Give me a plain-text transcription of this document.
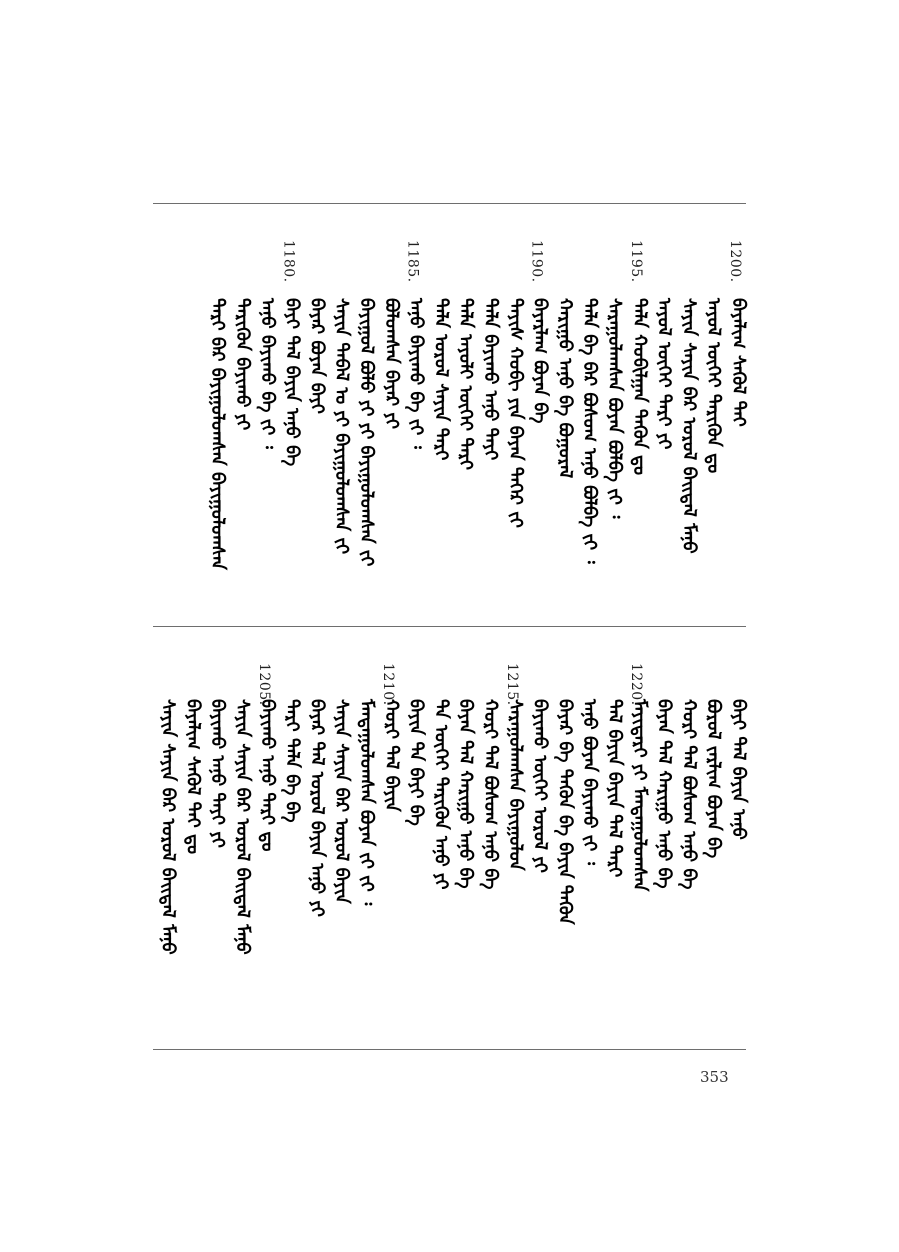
1200.
ᠪᠠᠶᠠᠯᠢᠭ ᠰᠡᠭᠦᠯ ᠲᠡᠢ
ᠠᠶᠤᠯ ᠦᠭᠡᠢ ᠲᠡᠷᠢᠭᠦᠨ ᠳᠤ
ᠰᠠᠶᠢᠨ ᠰᠠᠶᠢᠨ ᠪᠡᠷ ᠤᠷᠤᠯ ᠪᠠᠢᠳᠠᠯ ᠮᠠᠨᠤ
ᠠᠶᠤᠯ ᠦᠭᠡᠢ ᠲᠡᠷᠢ ᠶᠢ
1195.
ᠲᠠᠯᠠ ᠬᠤᠪᠢᠯᠭᠠᠨ ᠲᠡᠭᠦᠨ ᠳᠤ
ᠰᠠᠷᠠᠭᠤᠯᠠᠭᠰᠠᠨ ᠪᠤᠶᠠᠨ ᠪᠣᠯᠪᠠ ᠵᠢ ᠄
ᠲᠠᠯᠠ ᠪᠠ ᠪᠠᠷ ᠪᠤᠰᠤᠭ ᠠᠨᠤ ᠪᠣᠯᠪᠠ ᠵᠢ ᠄
ᠬᠠᠷᠢᠭᠤ ᠠᠨᠤ ᠪᠠ ᠪᠤᠭᠤᠷᠠᠯ
1190.
ᠪᠠᠶᠠᠷᠯᠠᠭ ᠪᠤᠶᠠᠨ ᠪᠠ
ᠲᠠᠶᠢᠰ ᠬᠤᠪᠢ ᠶᠢᠨ ᠪᠠᠶᠠᠨ ᠲᠡᠭᠡᠷ ᠵᠢ
ᠲᠠᠯᠠ ᠪᠠᠶᠢᠬᠤ ᠠᠨᠤ ᠲᠡᠶᠢ
ᠲᠠᠯᠠ ᠠᠶᠤᠯᠢ ᠦᠭᠡᠢ ᠲᠡᠷᠢ
ᠲᠠᠯᠠ ᠤᠷᠤᠯ ᠰᠠᠶᠢᠨ ᠲᠡᠷᠢ
1185.
ᠠᠨᠤ ᠪᠠᠶᠢᠬᠤ ᠪᠠ ᠵᠢ ᠄
ᠪᠤᠯᠤᠭᠰᠠᠨ ᠪᠠᠶᠠᠷ ᠶᠢ
ᠪᠠᠶᠢᠭᠤᠯ ᠪᠣᠯᠤ ᠶᠢ ᠶᠢ ᠪᠠᠶᠢᠭᠤᠯᠤᠭᠰᠠᠨ ᠵᠢ
ᠰᠠᠶᠢᠨ ᠲᠠᠪᠠᠯ ᠤ ᠶᠢ ᠪᠠᠶᠢᠭᠤᠯᠤᠭᠰᠠᠨ ᠵᠢ
ᠪᠠᠶᠠᠷ ᠪᠤᠶᠠᠨ ᠪᠠᠶᠢ
1180.
ᠪᠠᠶᠢ ᠲᠠᠯ ᠪᠠᠶᠢᠨ ᠠᠨᠤ ᠪᠠ
ᠠᠨᠤ ᠪᠠᠶᠢᠬᠤ ᠪᠠ ᠵᠢ ᠄
ᠲᠡᠷᠢᠭᠦᠨ ᠪᠠᠶᠢᠬᠤ ᠶᠢ
ᠲᠡᠷᠢ ᠪᠡᠷ ᠪᠠᠶᠢᠭᠤᠯᠤᠭᠰᠠᠨ ᠪᠠᠶᠢᠭᠤᠯᠤᠭᠰᠠᠨ
ᠪᠠᠶᠢ ᠲᠠᠯ ᠪᠠᠶᠢᠨ ᠠᠨᠤ
ᠪᠤᠷᠤᠯ ᠵᠠᠷᠯᠢᠭ ᠪᠤᠶᠠᠨ ᠪᠠ
ᠬᠤᠷᠢ ᠲᠠᠯ ᠪᠤᠰᠤᠭ ᠠᠨᠤ ᠪᠠ
ᠪᠠᠶᠠᠨ ᠲᠠᠯ ᠬᠠᠷᠢᠭᠤ ᠠᠨᠤ ᠪᠠ
1220.
ᠮᠠᠶᠢᠳᠠᠷᠢ ᠶᠢ ᠮᠠᠨᠳᠠᠭᠤᠯᠤᠭᠰᠠᠨ
ᠲᠠᠯ ᠪᠠᠶᠢᠨ ᠪᠠᠶᠢᠨ ᠲᠠᠯ ᠲᠡᠷᠢ
ᠠᠨᠤ ᠪᠤᠶᠠᠨ ᠪᠠᠶᠢᠬᠤ ᠵᠢ ᠄
ᠪᠠᠶᠠᠷ ᠪᠠ ᠲᠡᠭᠦᠨ ᠪᠠ ᠪᠠᠶᠢᠨ ᠲᠡᠭᠦᠨ
ᠪᠠᠶᠢᠬᠤ ᠦᠭᠡᠢ ᠤᠷᠤᠯ ᠶᠢ
1215.
ᠰᠠᠷᠠᠭᠤᠯᠠᠭᠰᠠᠨ ᠪᠠᠶᠢᠭᠤᠯᠤᠨ
ᠬᠤᠷᠢ ᠲᠠᠯ ᠪᠤᠰᠤᠭ ᠠᠨᠤ ᠪᠠ
ᠪᠠᠶᠠᠨ ᠲᠠᠯ ᠬᠠᠷᠢᠭᠤ ᠠᠨᠤ ᠪᠠ
ᠲᠠ ᠦᠭᠡᠢ ᠲᠡᠷᠢᠭᠦᠨ ᠠᠨᠤ ᠶᠢ
ᠪᠠᠶᠢᠨ ᠲᠠ ᠪᠠᠶᠢ ᠪᠠ
1210.
ᠬᠤᠷᠢ ᠲᠠᠯ ᠪᠠᠶᠢᠨ
ᠮᠠᠨᠳᠠᠭᠤᠯᠤᠭᠰᠠᠨ ᠪᠤᠶᠠᠨ ᠵᠢ ᠵᠢ ᠄
ᠰᠠᠶᠢᠨ ᠰᠠᠶᠢᠨ ᠪᠡᠷ ᠤᠷᠤᠯ ᠪᠠᠶᠢᠨ
ᠪᠠᠶᠠᠷ ᠲᠠᠯ ᠤᠷᠤᠯ ᠪᠠᠶᠢᠨ ᠠᠨᠤ ᠶᠢ
ᠲᠡᠷᠢ ᠲᠠᠯᠠ ᠪᠠ ᠪᠠ
1205.
ᠪᠠᠶᠢᠬᠤ ᠠᠨᠤ ᠲᠡᠷᠢ ᠳᠤ
ᠰᠠᠶᠢᠨ ᠰᠠᠶᠢᠨ ᠪᠡᠷ ᠤᠷᠤᠯ ᠪᠠᠢᠳᠠᠯ ᠮᠠᠨᠤ
ᠪᠠᠶᠢᠬᠤ ᠠᠨᠤ ᠲᠡᠶᠢ ᠶᠢ
ᠪᠠᠶᠠᠯᠢᠭ ᠰᠡᠭᠦᠯ ᠲᠡᠢ ᠳᠤ
ᠰᠠᠶᠢᠨ ᠰᠠᠶᠢᠨ ᠪᠡᠷ ᠤᠷᠤᠯ ᠪᠠᠢᠳᠠᠯ ᠮᠠᠨᠤ
353
